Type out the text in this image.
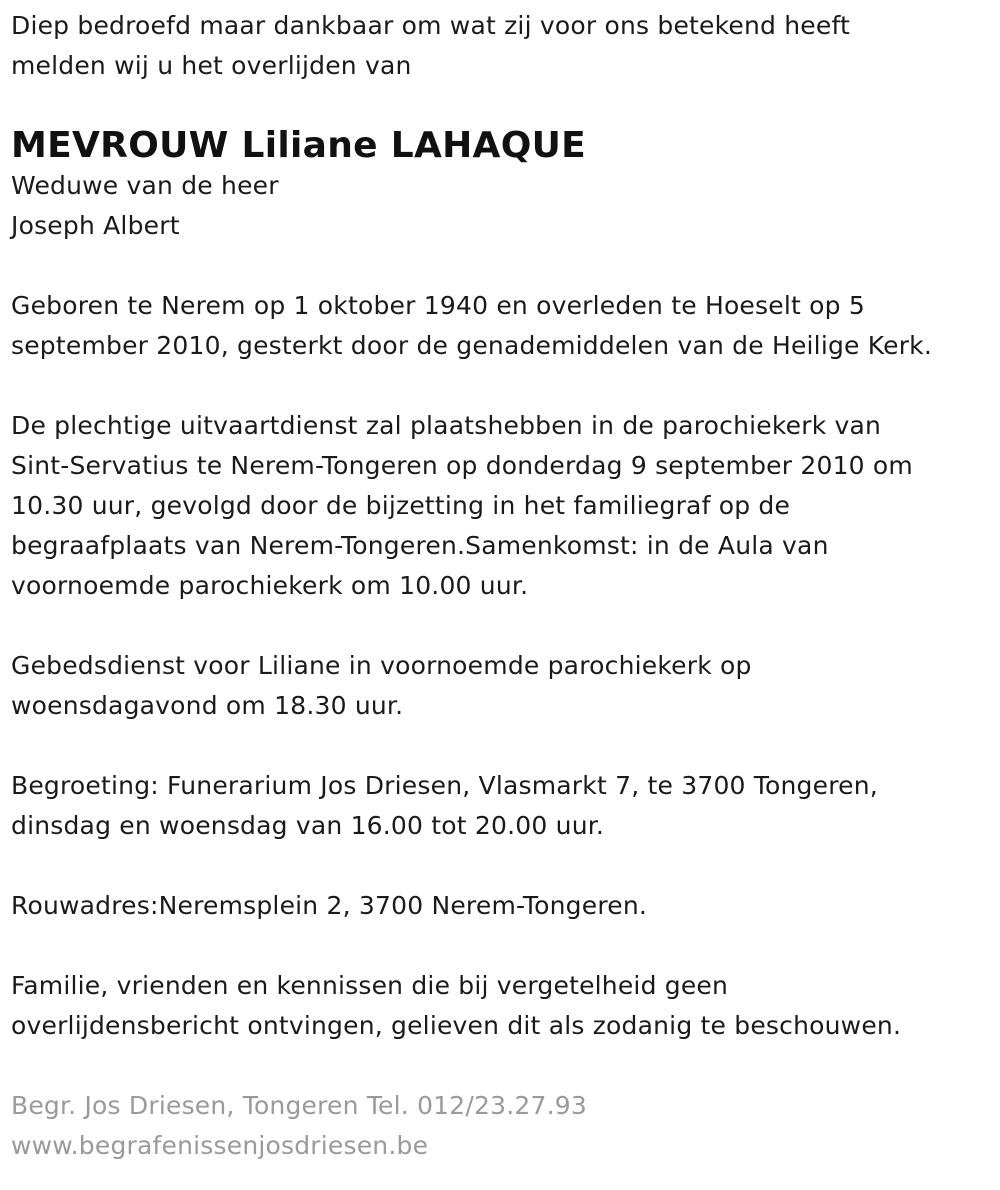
Diep bedroefd maar dankbaar om wat zij voor ons betekend heeft
melden wij u het overlijden van
MEVROUW Liliane LAHAQUE
Weduwe van de heer
Joseph Albert
Geboren te Nerem op 1 oktober 1940 en overleden te Hoeselt op 5
september 2010, gesterkt door de genademiddelen van de Heilige Kerk.
De plechtige uitvaartdienst zal plaatshebben in de parochiekerk van
Sint-Servatius te Nerem-Tongeren op donderdag 9 september 2010 om
10.30 uur, gevolgd door de bijzetting in het familiegraf op de
begraafplaats van Nerem-Tongeren.Samenkomst: in de Aula van
voornoemde parochiekerk om 10.00 uur.
Gebedsdienst voor Liliane in voornoemde parochiekerk op
woensdagavond om 18.30 uur.
Begroeting: Funerarium Jos Driesen, Vlasmarkt 7, te 3700 Tongeren,
dinsdag en woensdag van 16.00 tot 20.00 uur.
Rouwadres:Neremsplein 2, 3700 Nerem-Tongeren.
Familie, vrienden en kennissen die bij vergetelheid geen
overlijdensbericht ontvingen, gelieven dit als zodanig te beschouwen.
Begr. Jos Driesen, Tongeren Tel. 012/23.27.93
www.begrafenissenjosdriesen.be
